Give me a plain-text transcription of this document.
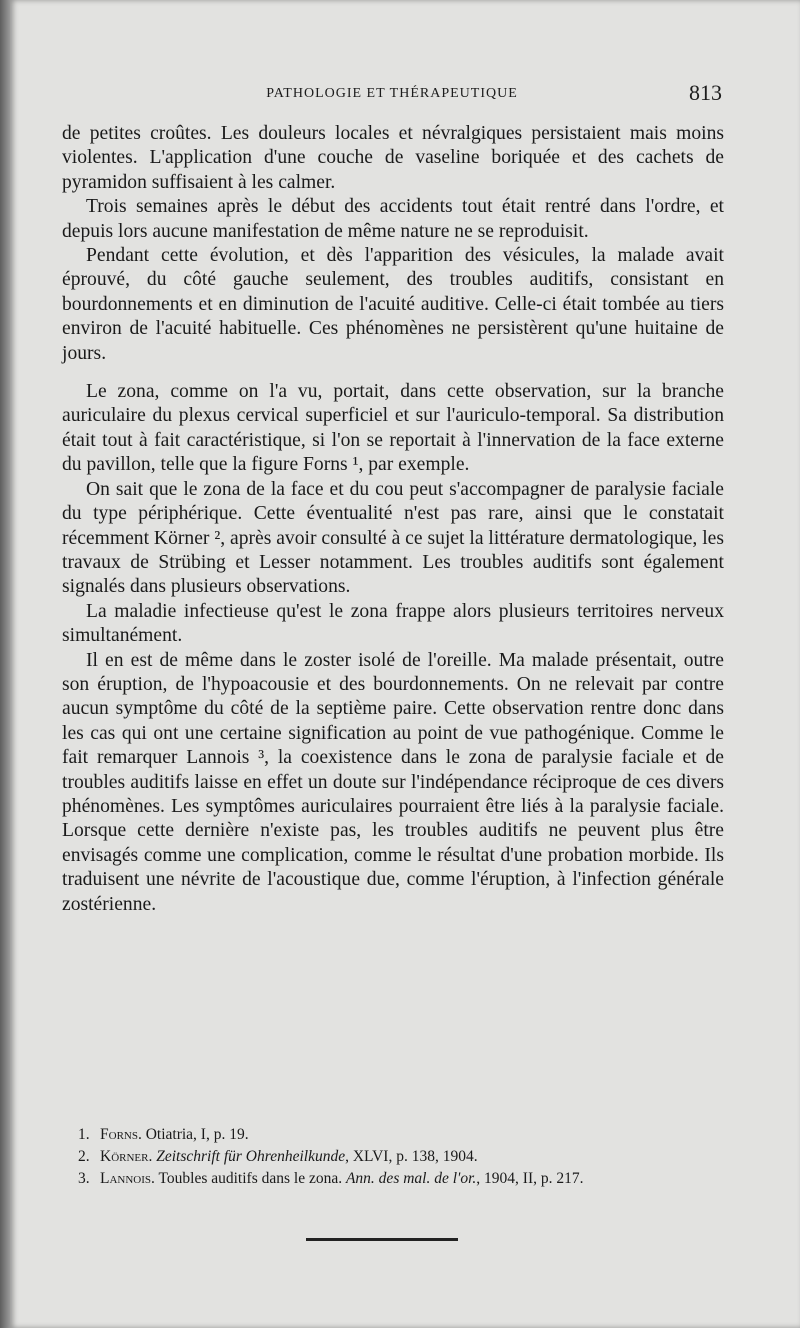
PATHOLOGIE ET THÉRAPEUTIQUE	813

de petites croûtes. Les douleurs locales et névralgiques persistaient mais moins violentes. L'application d'une couche de vaseline boriquée et des cachets de pyramidon suffisaient à les calmer.

Trois semaines après le début des accidents tout était rentré dans l'ordre, et depuis lors aucune manifestation de même nature ne se reproduisit.

Pendant cette évolution, et dès l'apparition des vésicules, la malade avait éprouvé, du côté gauche seulement, des troubles auditifs, consistant en bourdonnements et en diminution de l'acuité auditive. Celle-ci était tombée au tiers environ de l'acuité habituelle. Ces phénomènes ne persistèrent qu'une huitaine de jours.

Le zona, comme on l'a vu, portait, dans cette observation, sur la branche auriculaire du plexus cervical superficiel et sur l'auriculo-temporal. Sa distribution était tout à fait caractéristique, si l'on se reportait à l'innervation de la face externe du pavillon, telle que la figure Forns ¹, par exemple.

On sait que le zona de la face et du cou peut s'accompagner de paralysie faciale du type périphérique. Cette éventualité n'est pas rare, ainsi que le constatait récemment Körner ², après avoir consulté à ce sujet la littérature dermatologique, les travaux de Strübing et Lesser notamment. Les troubles auditifs sont également signalés dans plusieurs observations.

La maladie infectieuse qu'est le zona frappe alors plusieurs territoires nerveux simultanément.

Il en est de même dans le zoster isolé de l'oreille. Ma malade présentait, outre son éruption, de l'hypoacousie et des bourdonnements. On ne relevait par contre aucun symptôme du côté de la septième paire. Cette observation rentre donc dans les cas qui ont une certaine signification au point de vue pathogénique. Comme le fait remarquer Lannois ³, la coexistence dans le zona de paralysie faciale et de troubles auditifs laisse en effet un doute sur l'indépendance réciproque de ces divers phénomènes. Les symptômes auriculaires pourraient être liés à la paralysie faciale. Lorsque cette dernière n'existe pas, les troubles auditifs ne peuvent plus être envisagés comme une complication, comme le résultat d'une probation morbide. Ils traduisent une névrite de l'acoustique due, comme l'éruption, à l'infection générale zostérienne.

1. Forns. Otiatria, I, p. 19.

2. Körner. Zeitschrift für Ohrenheilkunde, XLVI, p. 138, 1904.

3. Lannois. Toubles auditifs dans le zona. Ann. des mal. de l'or., 1904, II, p. 217.
